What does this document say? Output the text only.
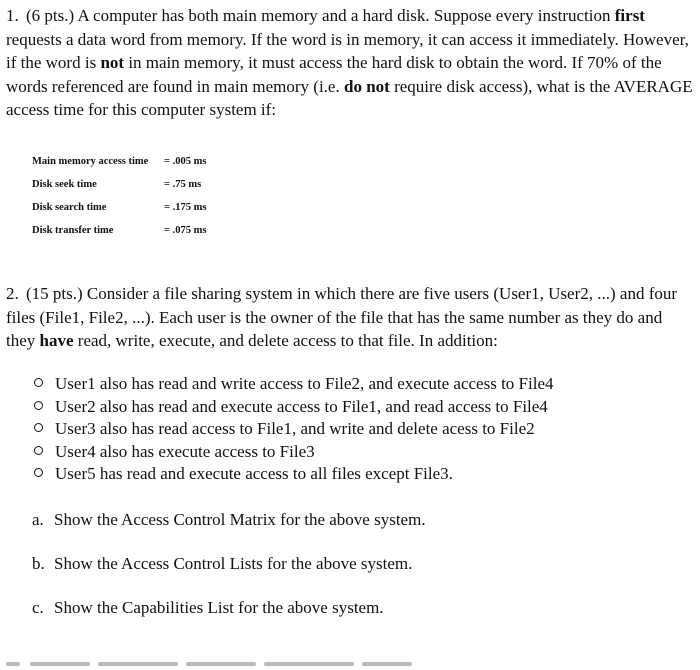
1. (6 pts.) A computer has both main memory and a hard disk. Suppose every instruction first requests a data word from memory. If the word is in memory, it can access it immediately. However, if the word is not in main memory, it must access the hard disk to obtain the word. If 70% of the words referenced are found in main memory (i.e. do not require disk access), what is the AVERAGE access time for this computer system if:
Main memory access time	= .005 ms
Disk seek time	= .75 ms
Disk search time	= .175 ms
Disk transfer time	= .075 ms
2. (15 pts.) Consider a file sharing system in which there are five users (User1, User2, ...) and four files (File1, File2, ...). Each user is the owner of the file that has the same number as they do and they have read, write, execute, and delete access to that file. In addition:
User1 also has read and write access to File2, and execute access to File4
User2 also has read and execute access to File1, and read access to File4
User3 also has read access to File1, and write and delete acess to File2
User4 also has execute access to File3
User5 has read and execute access to all files except File3.
a. Show the Access Control Matrix for the above system.
b. Show the Access Control Lists for the above system.
c. Show the Capabilities List for the above system.
